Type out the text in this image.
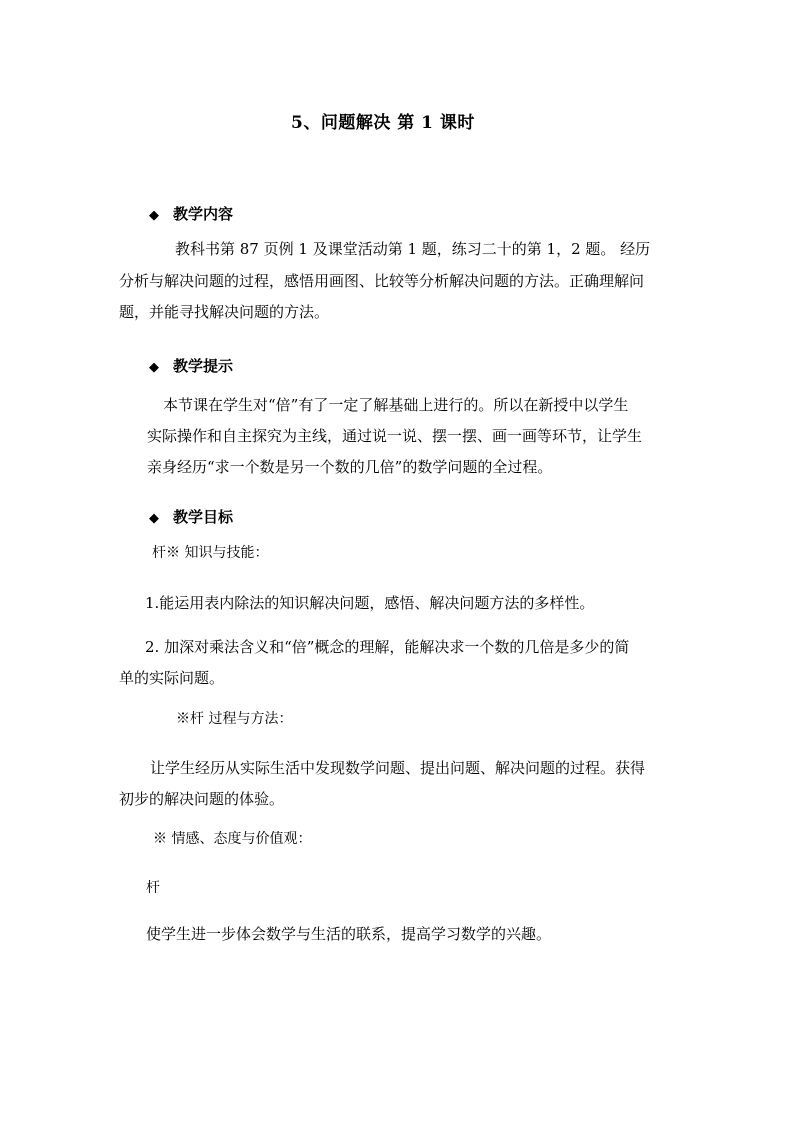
5、问题解决 第 1 课时
◆ 教学内容
教科书第 87 页例 1 及课堂活动第 1 题，练习二十的第 1，2 题。 经历
分析与解决问题的过程，感悟用画图、比较等分析解决问题的方法。正确理解问
题，并能寻找解决问题的方法。
◆ 教学提示
本节课在学生对“倍”有了一定了解基础上进行的。所以在新授中以学生
实际操作和自主探究为主线，通过说一说、摆一摆、画一画等环节，让学生
亲身经历“求一个数是另一个数的几倍”的数学问题的全过程。
◆ 教学目标
杆※ 知识与技能：
1.能运用表内除法的知识解决问题，感悟、解决问题方法的多样性。
2. 加深对乘法含义和“倍”概念的理解，能解决求一个数的几倍是多少的简
单的实际问题。
※杆 过程与方法：
让学生经历从实际生活中发现数学问题、提出问题、解决问题的过程。获得
初步的解决问题的体验。
※ 情感、态度与价值观：
杆
使学生进一步体会数学与生活的联系，提高学习数学的兴趣。
